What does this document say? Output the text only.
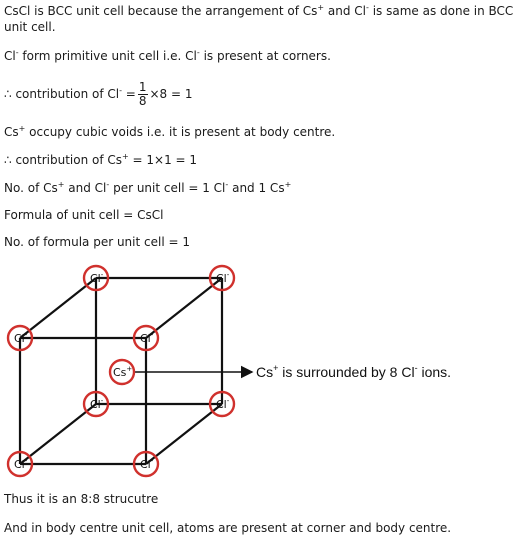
CsCl is BCC unit cell because the arrangement of Cs+ and Cl- is same as done in BCC
unit cell.
Cl- form primitive unit cell i.e. Cl- is present at corners.
∴ contribution of $Cl^- = \frac{1}{8} \times 8 = 1$
Cs+ occupy cubic voids i.e. it is present at body centre.
∴ contribution of Cs+ = 1×1 = 1
No. of Cs+ and Cl- per unit cell = 1 Cl- and 1 Cs+
Formula of unit cell = CsCl
No. of formula per unit cell = 1
Cl-	Cl-
Cl-	Cl-
Cl-	Cl-
Cl-	Cl-
Cs+	Cs+ is surrounded by 8 Cl- ions.
Thus it is an 8:8 strucutre
And in body centre unit cell, atoms are present at corner and body centre.
